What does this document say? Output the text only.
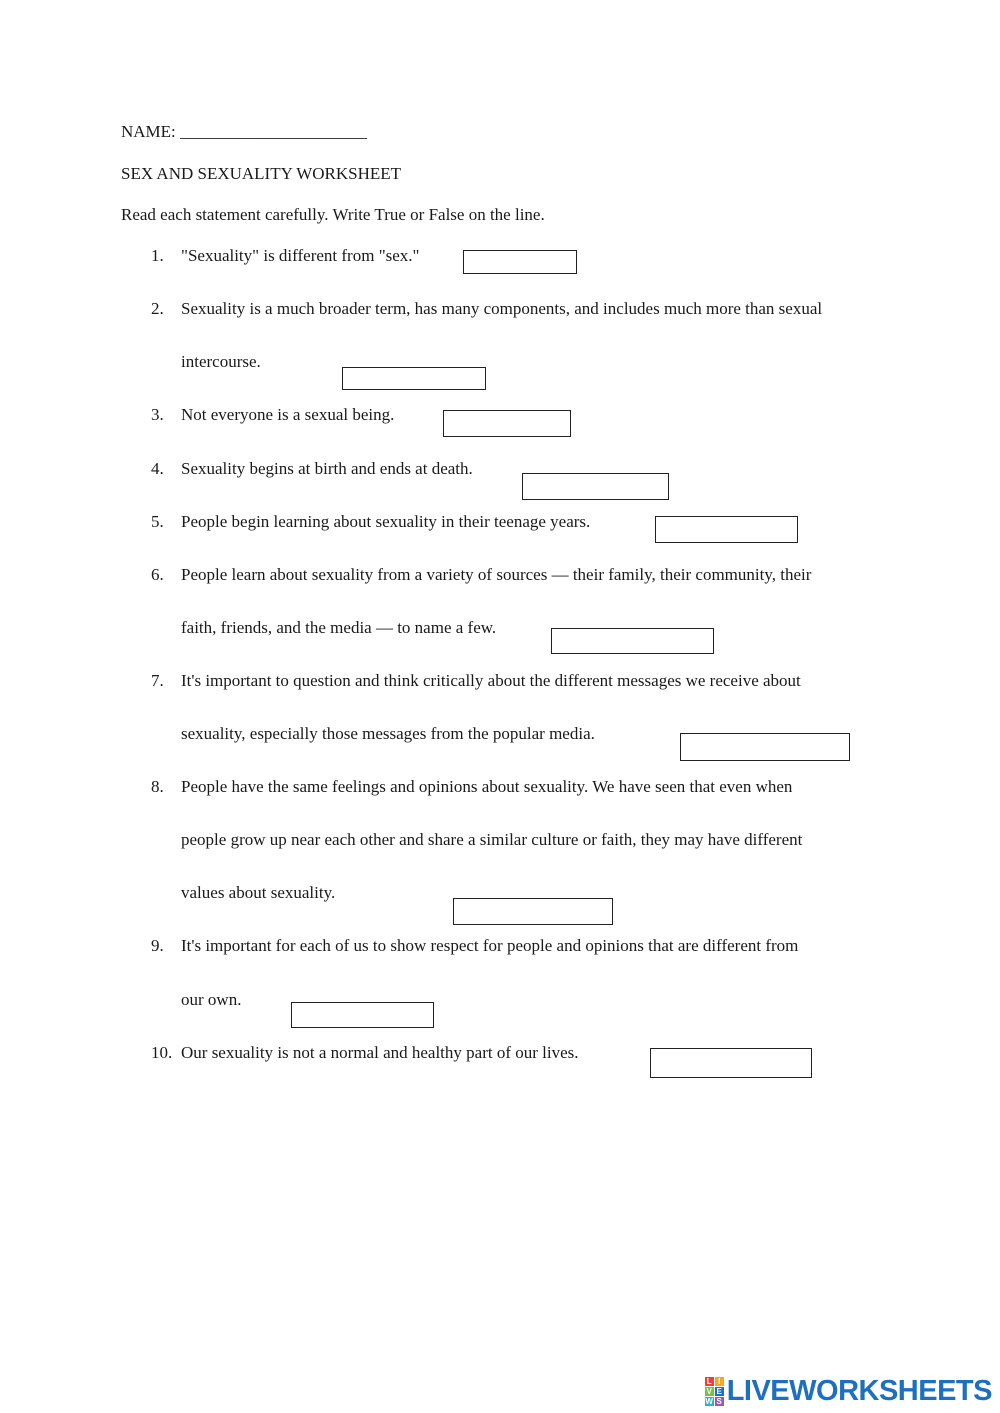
NAME: ______________________
SEX AND SEXUALITY WORKSHEET
Read each statement carefully. Write True or False on the line.
1. "Sexuality" is different from "sex."
2. Sexuality is a much broader term, has many components, and includes much more than sexual
intercourse.
3. Not everyone is a sexual being.
4. Sexuality begins at birth and ends at death.
5. People begin learning about sexuality in their teenage years.
6. People learn about sexuality from a variety of sources — their family, their community, their
faith, friends, and the media — to name a few.
7. It's important to question and think critically about the different messages we receive about
sexuality, especially those messages from the popular media.
8. People have the same feelings and opinions about sexuality. We have seen that even when
people grow up near each other and share a similar culture or faith, they may have different
values about sexuality.
9. It's important for each of us to show respect for people and opinions that are different from
our own.
10. Our sexuality is not a normal and healthy part of our lives.
L I
V E
W S LIVEWORKSHEETS
